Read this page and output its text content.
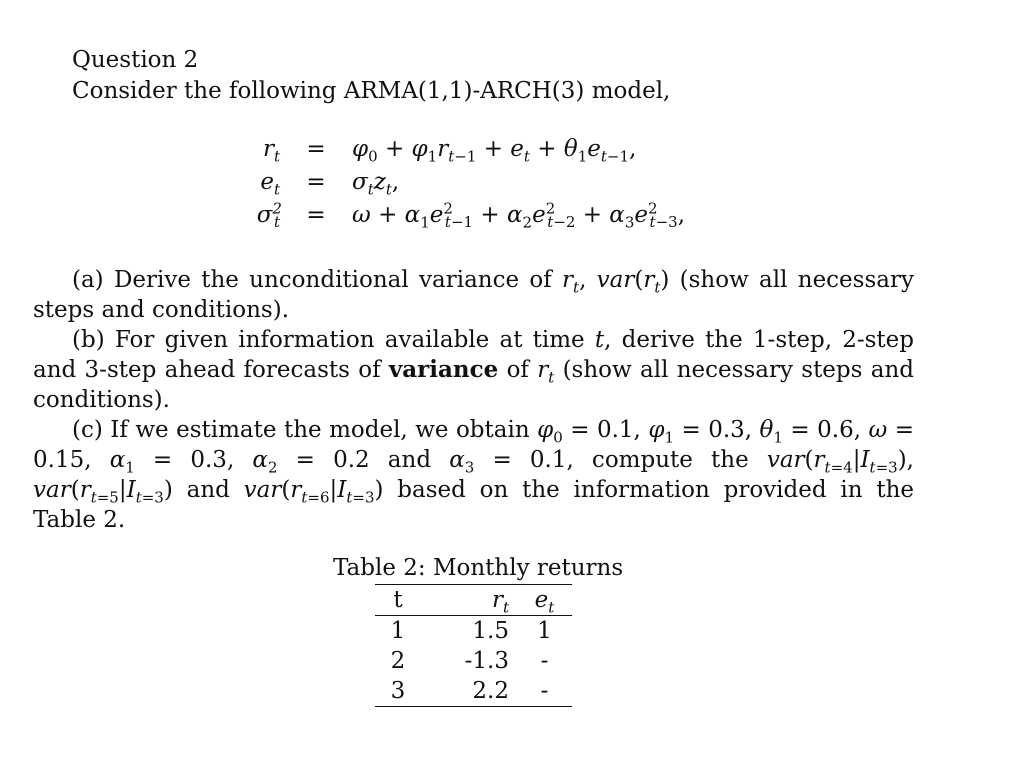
Question 2
Consider the following ARMA(1,1)-ARCH(3) model,
$r_t$	=	$\varphi_0 + \varphi_1r_{t-1} + e_t + \theta_1e_{t-1}$,
$e_t$	=	$\sigma_tz_t$,
$\sigma^2_t$	=	$\omega + \alpha_1e^2_{t-1} + \alpha_2e^2_{t-2} + \alpha_3e^2_{t-3}$,

(a) Derive the unconditional variance of $r_t$, $var(r_t)$ (show all necessary steps and conditions).

(b) For given information available at time t, derive the 1-step, 2-step and 3-step ahead forecasts of variance of $r_t$ (show all necessary steps and conditions).

(c) If we estimate the model, we obtain $\varphi_0 = 0.1$, $\varphi_1 = 0.3$, $\theta_1 = 0.6$, ω = 0.15, $\alpha_1 = 0.3$, $\alpha_2 = 0.2$ and $\alpha_3 = 0.1$, compute the $var(r_{t=4}|I_{t=3})$, $var(r_{t=5}|I_{t=3})$ and $var(r_{t=6}|I_{t=3})$ based on the information provided in the Table 2.

Table 2: Monthly returns
t	$r_t$	$e_t$
1	1.5	1
2	-1.3	-
3	2.2	-
